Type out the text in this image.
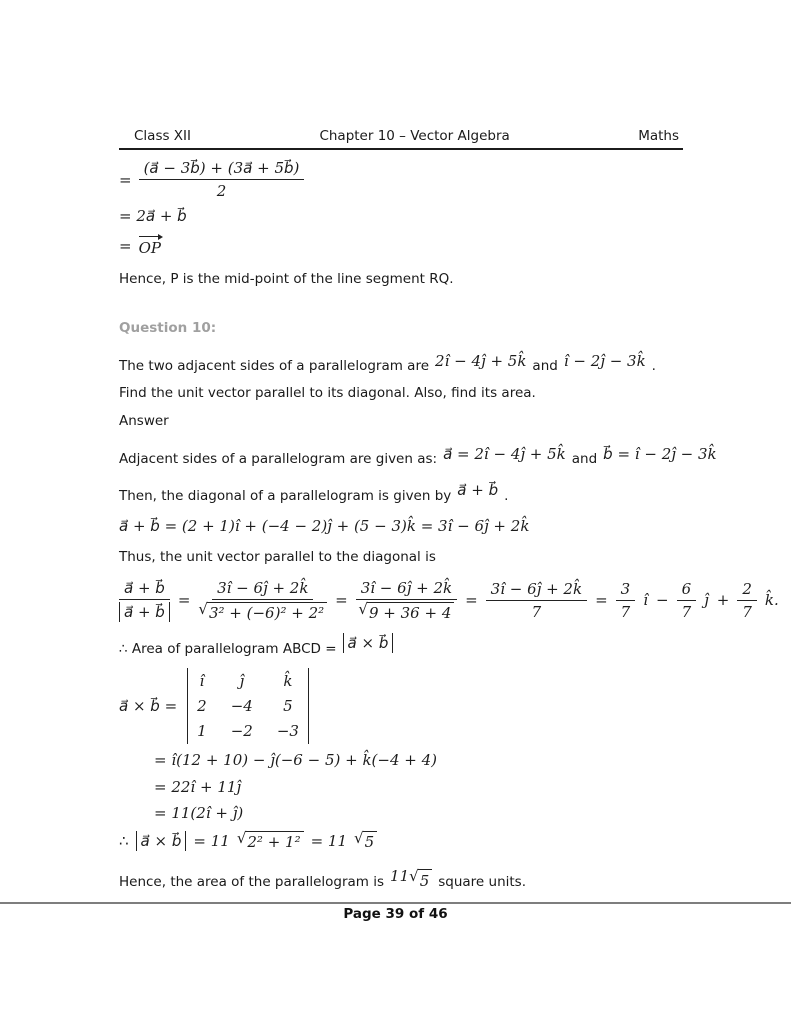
Class XII	Chapter 10 – Vector Algebra	Maths
= $\frac{(a⃗ - 3b⃗) + (3a⃗ + 5b⃗)}{2}$
= 2a⃗ + b⃗
= OP

Hence, P is the mid-point of the line segment RQ.

Question 10:
The two adjacent sides of a parallelogram are 2î − 4ĵ + 5k̂ and î − 2ĵ − 3k̂ .

Find the unit vector parallel to its diagonal. Also, find its area.

Answer

Adjacent sides of a parallelogram are given as: a⃗ = 2î − 4ĵ + 5k̂ and b⃗ = î − 2ĵ − 3k̂
Then, the diagonal of a parallelogram is given by a⃗ + b⃗ .
a⃗ + b⃗ = (2 + 1)î + (−4 − 2)ĵ + (5 − 3)k̂ = 3î − 6ĵ + 2k̂

Thus, the unit vector parallel to the diagonal is

$\frac{a⃗ + b⃗}{a⃗ + b⃗}$ = 3î − 6ĵ + 2k̂
√ 3² + (−6)² + 2² = 3î − 6ĵ + 2k̂
√ $9 + 36 + 4 = \frac{3î - 6ĵ + 2k̂}{7} = \frac{3}{7}$ î − $\frac{6}{7}$ ĵ + $\frac{2}{7}$ k̂.
∴ Area of parallelogram ABCD = a⃗ × b⃗
a⃗ × b⃗ =
î	ĵ	k̂
2 −4	5
1 −2 −3
= î(12 + 10) − ĵ(−6 − 5) + k̂(−4 + 4)
= 22î + 11ĵ
= 11(2î + ĵ)
∴ a⃗ × b⃗ = 11 √ 2² + 1² = 11 √ 5
Hence, the area of the parallelogram is 11 √ 5 square units.
Page 39 of 46
